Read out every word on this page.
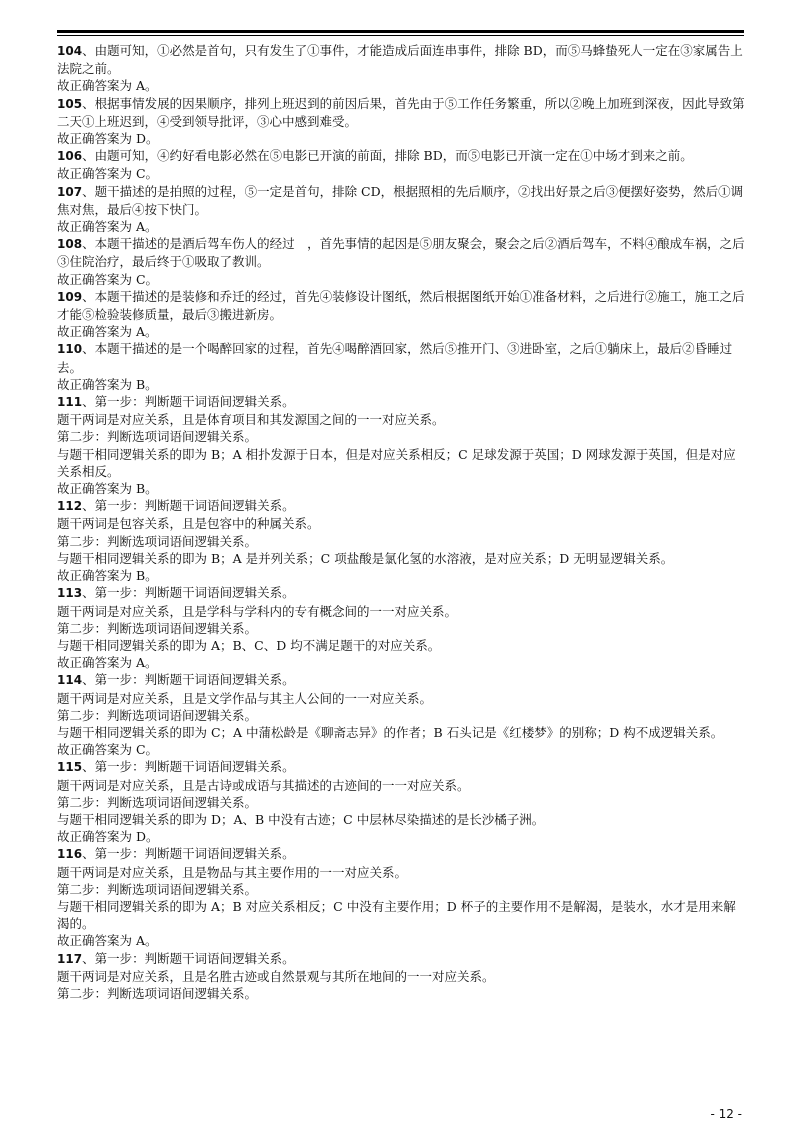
104、由题可知，①必然是首句，只有发生了①事件，才能造成后面连串事件，排除 BD，而⑤马蜂蛰死人一定在③家属告上法院之前。
故正确答案为 A。
105、根据事情发展的因果顺序，排列上班迟到的前因后果，首先由于⑤工作任务繁重，所以②晚上加班到深夜，因此导致第二天①上班迟到，④受到领导批评，③心中感到难受。
故正确答案为 D。
106、由题可知，④约好看电影必然在⑤电影已开演的前面，排除 BD，而⑤电影已开演一定在①中场才到来之前。
故正确答案为 C。
107、题干描述的是拍照的过程，⑤一定是首句，排除 CD，根据照相的先后顺序，②找出好景之后③便摆好姿势，然后①调焦对焦，最后④按下快门。
故正确答案为 A。
108、本题干描述的是酒后驾车伤人的经过　，首先事情的起因是⑤朋友聚会，聚会之后②酒后驾车，不料④酿成车祸，之后③住院治疗，最后终于①吸取了教训。
故正确答案为 C。
109、本题干描述的是装修和乔迁的经过，首先④装修设计图纸，然后根据图纸开始①准备材料，之后进行②施工，施工之后才能⑤检验装修质量，最后③搬进新房。
故正确答案为 A。
110、本题干描述的是一个喝醉回家的过程，首先④喝醉酒回家，然后⑤推开门、③进卧室，之后①躺床上，最后②昏睡过去。
故正确答案为 B。
111、第一步：判断题干词语间逻辑关系。
题干两词是对应关系，且是体育项目和其发源国之间的一一对应关系。
第二步：判断选项词语间逻辑关系。
与题干相同逻辑关系的即为 B；A 相扑发源于日本，但是对应关系相反；C 足球发源于英国；D 网球发源于英国，但是对应关系相反。
故正确答案为 B。
112、第一步：判断题干词语间逻辑关系。
题干两词是包容关系，且是包容中的种属关系。
第二步：判断选项词语间逻辑关系。
与题干相同逻辑关系的即为 B；A 是并列关系；C 项盐酸是氯化氢的水溶液，是对应关系；D 无明显逻辑关系。
故正确答案为 B。
113、第一步：判断题干词语间逻辑关系。
题干两词是对应关系，且是学科与学科内的专有概念间的一一对应关系。
第二步：判断选项词语间逻辑关系。
与题干相同逻辑关系的即为 A；B、C、D 均不满足题干的对应关系。
故正确答案为 A。
114、第一步：判断题干词语间逻辑关系。
题干两词是对应关系，且是文学作品与其主人公间的一一对应关系。
第二步：判断选项词语间逻辑关系。
与题干相同逻辑关系的即为 C；A 中蒲松龄是《聊斋志异》的作者；B 石头记是《红楼梦》的别称；D 构不成逻辑关系。
故正确答案为 C。
115、第一步：判断题干词语间逻辑关系。
题干两词是对应关系，且是古诗或成语与其描述的古迹间的一一对应关系。
第二步：判断选项词语间逻辑关系。
与题干相同逻辑关系的即为 D；A、B 中没有古迹；C 中层林尽染描述的是长沙橘子洲。
故正确答案为 D。
116、第一步：判断题干词语间逻辑关系。
题干两词是对应关系，且是物品与其主要作用的一一对应关系。
第二步：判断选项词语间逻辑关系。
与题干相同逻辑关系的即为 A；B 对应关系相反；C 中没有主要作用；D 杯子的主要作用不是解渴，是装水，水才是用来解渴的。
故正确答案为 A。
117、第一步：判断题干词语间逻辑关系。
题干两词是对应关系，且是名胜古迹或自然景观与其所在地间的一一对应关系。
第二步：判断选项词语间逻辑关系。
- 12 -
